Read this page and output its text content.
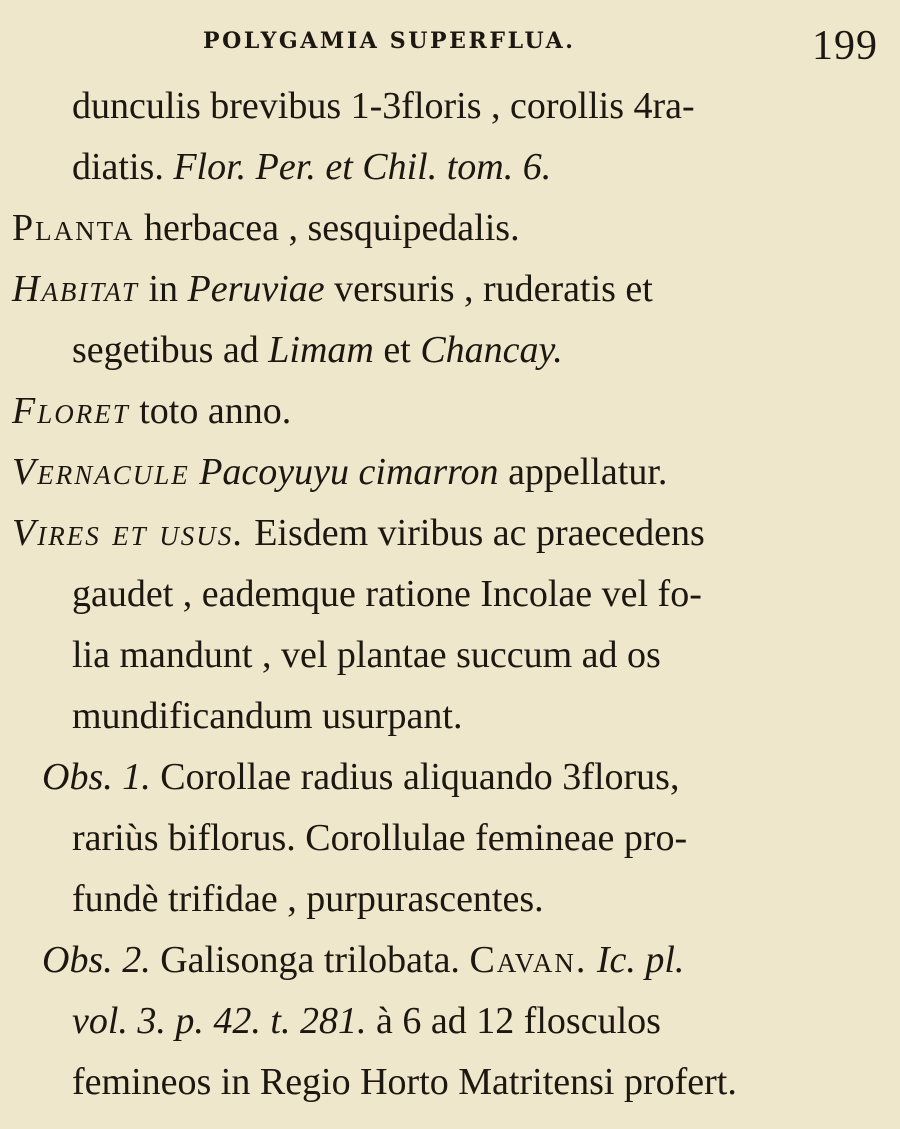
POLYGAMIA SUPERFLUA.	199
dunculis brevibus 1-3floris , corollis 4ra-
diatis. Flor. Per. et Chil. tom. 6.
Planta herbacea , sesquipedalis.
Habitat in Peruviae versuris , ruderatis et
segetibus ad Limam et Chancay.
Floret toto anno.
Vernacule Pacoyuyu cimarron appellatur.
Vires et usus. Eisdem viribus ac praecedens
gaudet , eademque ratione Incolae vel fo-
lia mandunt , vel plantae succum ad os
mundificandum usurpant.
Obs. 1. Corollae radius aliquando 3florus,
rariùs biflorus. Corollulae femineae pro-
fundè trifidae , purpurascentes.
Obs. 2. Galisonga trilobata. Cavan. Ic. pl.
vol. 3. p. 42. t. 281. à 6 ad 12 flosculos
femineos in Regio Horto Matritensi profert.
